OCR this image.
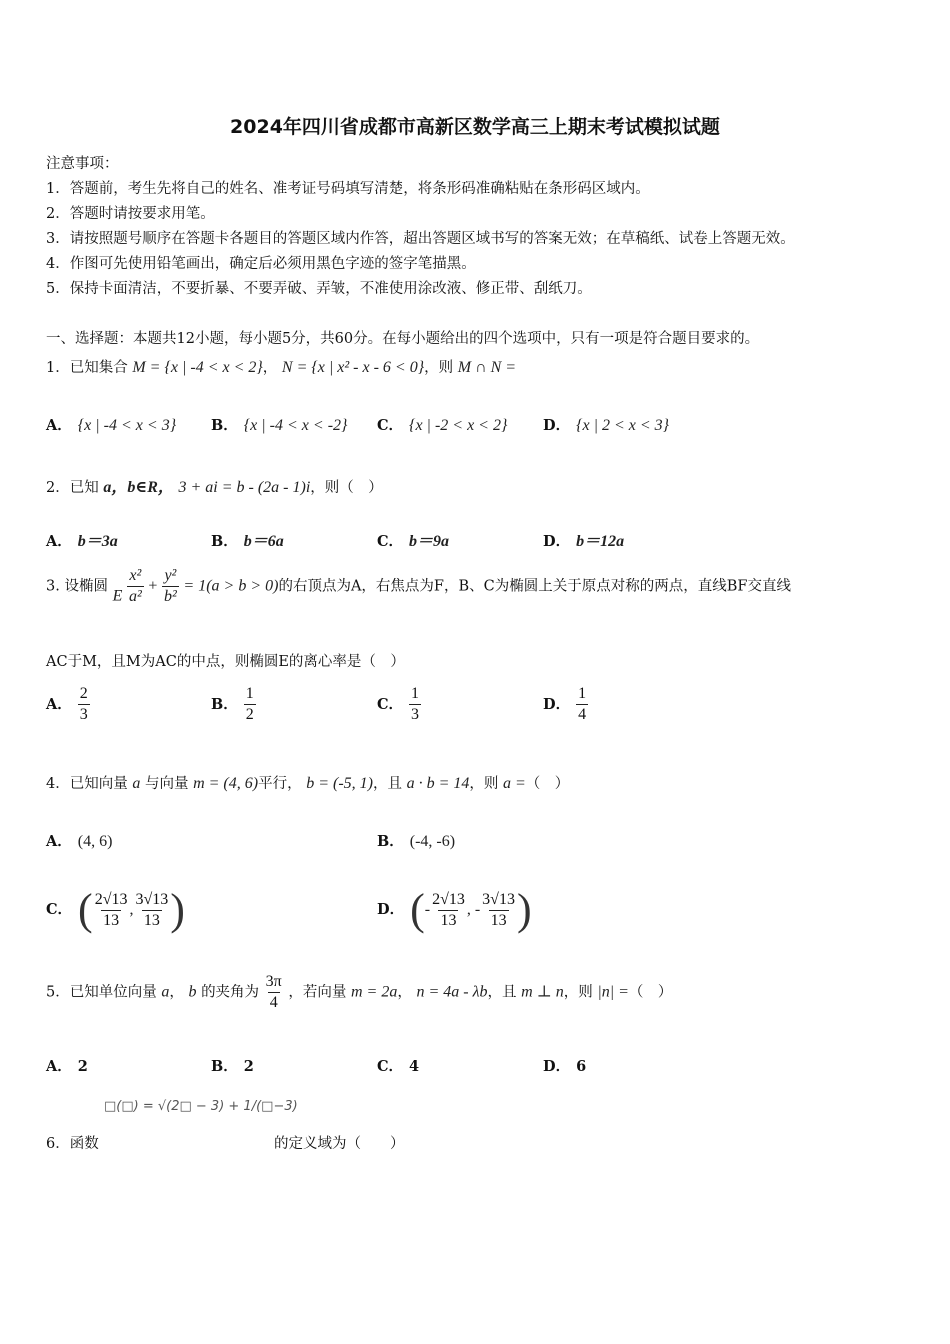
2024年四川省成都市高新区数学高三上期末考试模拟试题
注意事项：
1．答题前，考生先将自己的姓名、准考证号码填写清楚，将条形码准确粘贴在条形码区域内。
2．答题时请按要求用笔。
3．请按照题号顺序在答题卡各题目的答题区域内作答，超出答题区域书写的答案无效；在草稿纸、试卷上答题无效。
4．作图可先使用铅笔画出，确定后必须用黑色字迹的签字笔描黑。
5．保持卡面清洁，不要折暴、不要弄破、弄皱，不准使用涂改液、修正带、刮纸刀。
一、选择题：本题共12小题，每小题5分，共60分。在每小题给出的四个选项中，只有一项是符合题目要求的。
1．已知集合 M = {x | -4 < x < 2}， N = {x | x² - x - 6 < 0}，则 M ∩ N =
A． {x | -4 < x < 3} B． {x | -4 < x < -2} C． {x | -2 < x < 2} D． {x | 2 < x < 3}
2．已知 a，b∈R， 3 + ai = b - (2a - 1)i，则（　）
A． b＝3a	B． b＝6a	C． b＝9a	D． b＝12a
3. 设椭圆 E $\frac{\text{x²}}{\text{a²}} + \frac{\text{y²}}{\text{b²}} = 1(a > b > 0)$的右顶点为A，右焦点为F，B、C为椭圆上关于原点对称的两点，直线BF交直线
AC于M，且M为AC的中点，则椭圆E的离心率是（　）
A． $\frac{2}{3}$	B． $\frac{1}{2}$	C． $\frac{1}{3}$	D． $\frac{1}{4}$
4．已知向量 a 与向量 m = (4, 6)平行， b = (-5, 1)，且 a · b = 14，则 a =（　）
A． (4, 6)	B． (-4, -6)
C． ( $\frac{2√13}{13}$ , $\frac{3√13}{13}$ )	D． (- $\frac{2√13}{13}$ , - $\frac{3√13}{13}$ )
5．已知单位向量 a， b 的夹角为 $\frac{3\pi}{4}$ ，若向量 m = 2a， n = 4a - λb，且 m ⊥ n，则 |n| =（　）
A． 2	B． 2	C． 4	D． 6
□(□) = √(2□ − 3) + 1/(□−3)
6．函数	的定义域为（　　）
